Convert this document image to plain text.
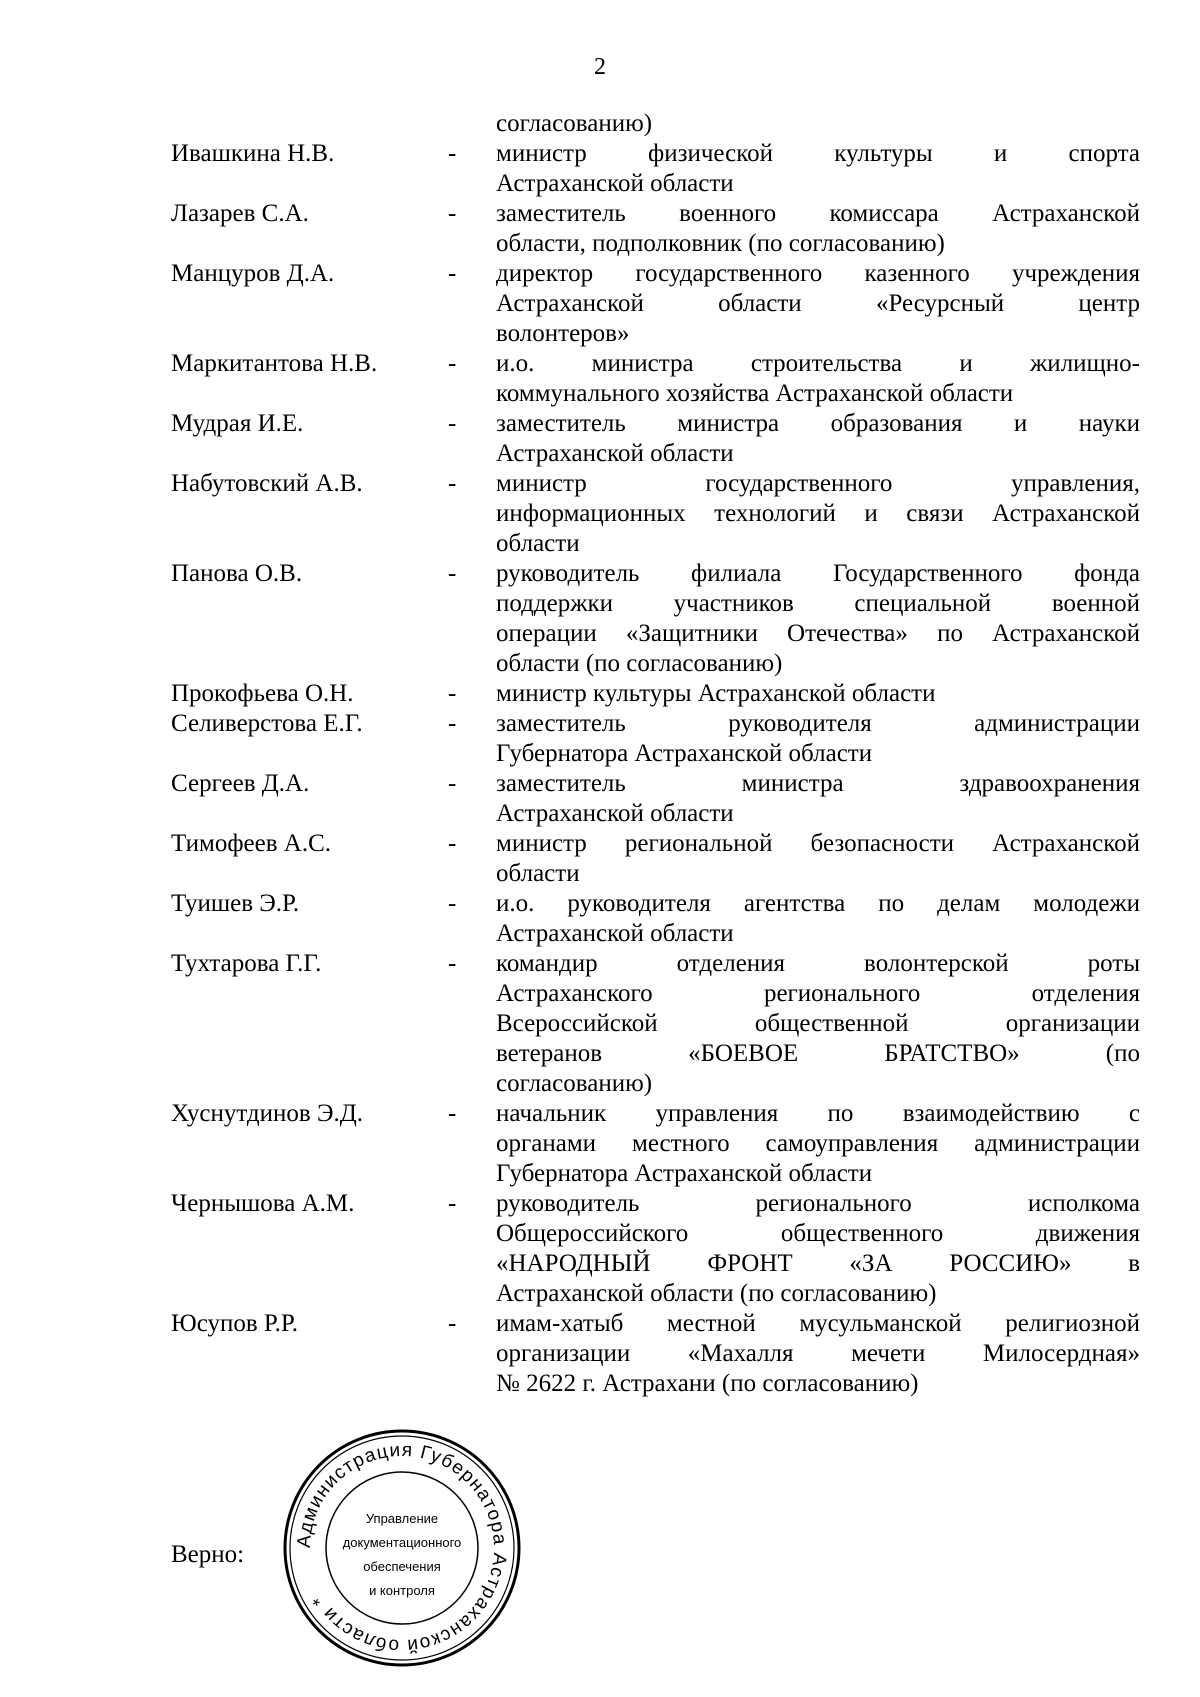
2
согласованию)
Ивашкина Н.В.	- министр физической культуры и спорта
Астраханской области
Лазарев С.А.	- заместитель военного комиссара Астраханской
области, подполковник (по согласованию)
Манцуров Д.А.	- директор государственного казенного учреждения
Астраханской области «Ресурсный центр
волонтеров»
Маркитантова Н.В.	- и.о. министра строительства и жилищно-
коммунального хозяйства Астраханской области
Мудрая И.Е.	- заместитель министра образования и науки
Астраханской области
Набутовский А.В.	- министр государственного управления,
информационных технологий и связи Астраханской
области
Панова О.В.	- руководитель филиала Государственного фонда
поддержки участников специальной военной
операции «Защитники Отечества» по Астраханской
области (по согласованию)
Прокофьева О.Н.	- министр культуры Астраханской области
Селиверстова Е.Г.	- заместитель руководителя администрации
Губернатора Астраханской области
Сергеев Д.А.	- заместитель министра здравоохранения
Астраханской области
Тимофеев А.С.	- министр региональной безопасности Астраханской
области
Туишев Э.Р.	- и.о. руководителя агентства по делам молодежи
Астраханской области
Тухтарова Г.Г.	- командир отделения волонтерской роты
Астраханского регионального отделения
Всероссийской общественной организации
ветеранов «БОЕВОЕ БРАТСТВО» (по
согласованию)
Хуснутдинов Э.Д.	- начальник управления по взаимодействию с
органами местного самоуправления администрации
Губернатора Астраханской области
Чернышова А.М.	- руководитель регионального исполкома
Общероссийского общественного движения
«НАРОДНЫЙ ФРОНТ «ЗА РОССИЮ» в
Астраханской области (по согласованию)
Юсупов Р.Р.	- имам-хатыб местной мусульманской религиозной
организации «Махалля мечети Милосердная»
№ 2622 г. Астрахани (по согласованию)
Верно:
Администрация Губернатора Астраханской области *
Управление
документационного
обеспечения
и контроля
